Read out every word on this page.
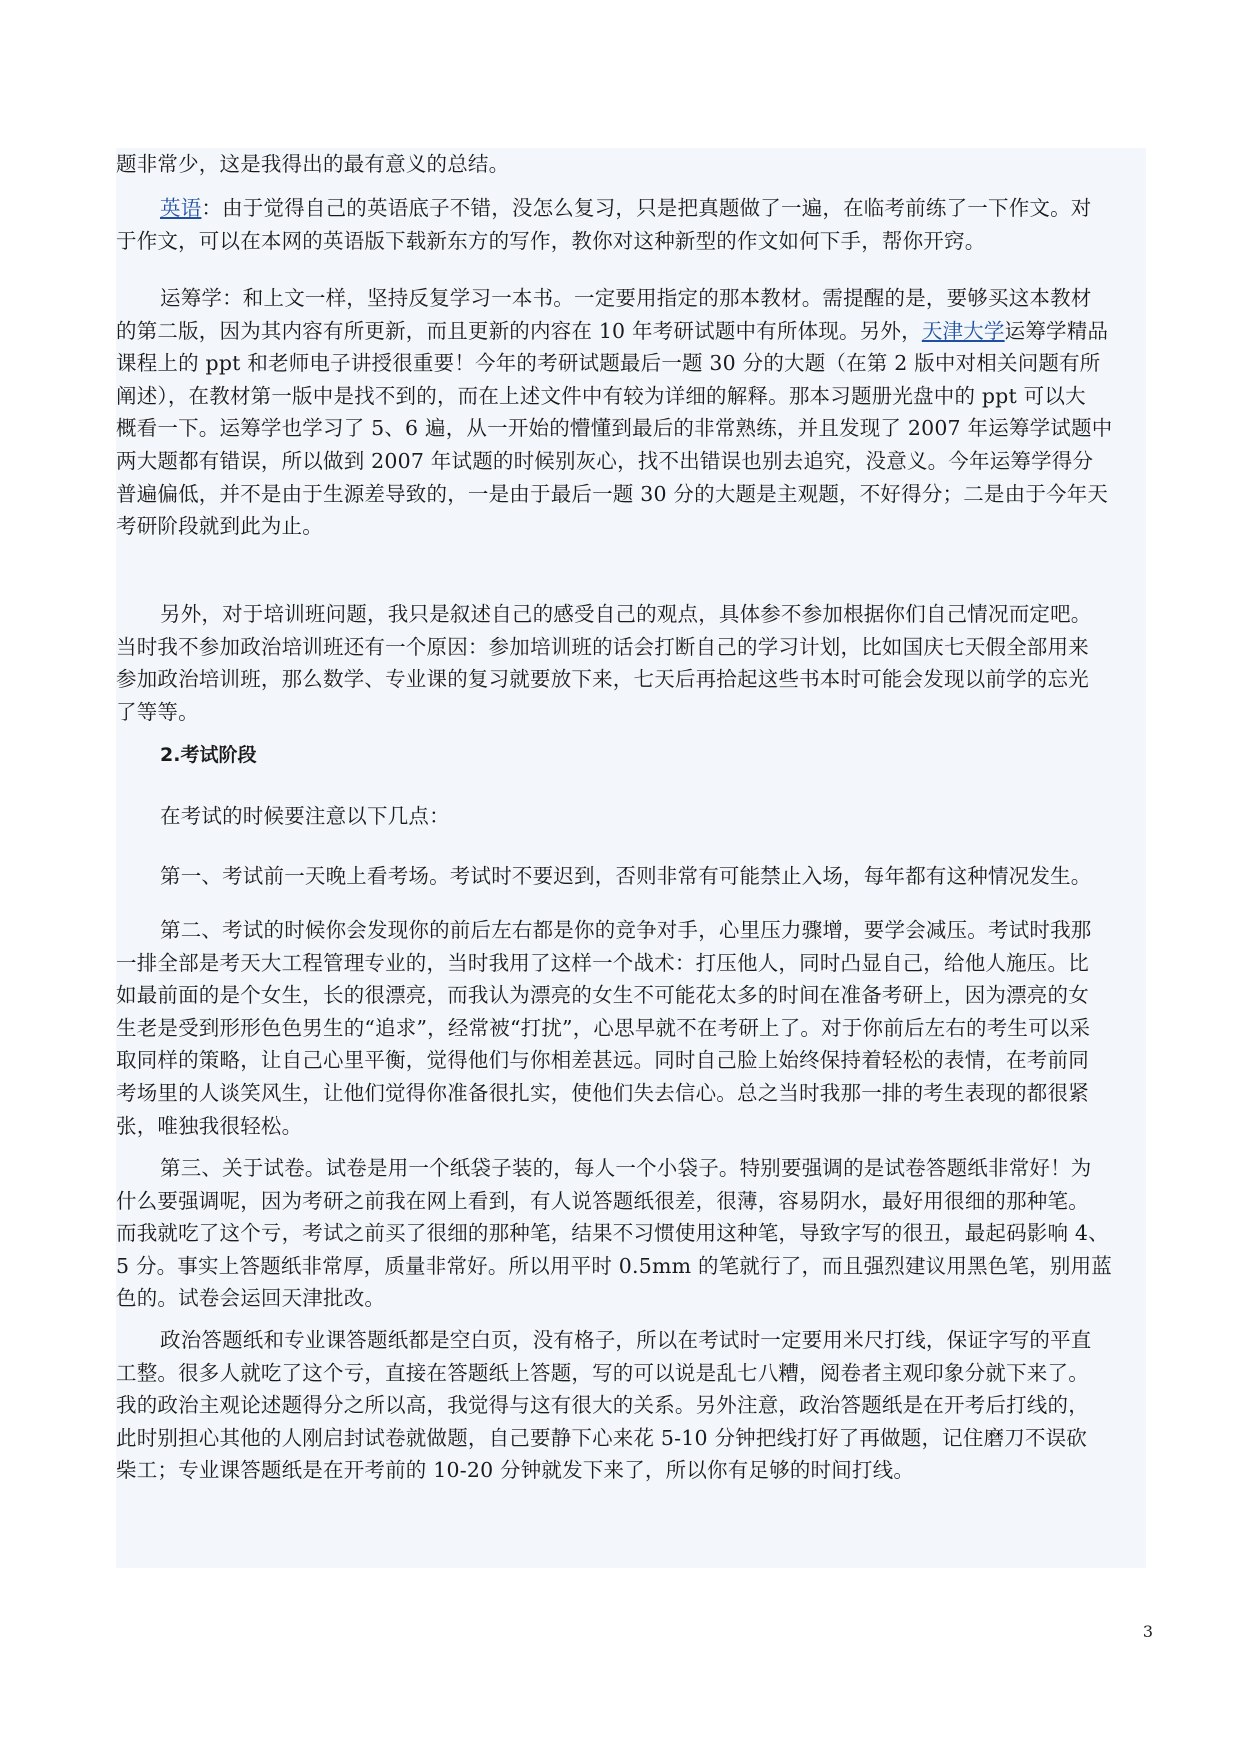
题非常少，这是我得出的最有意义的总结。

英语：由于觉得自己的英语底子不错，没怎么复习，只是把真题做了一遍，在临考前练了一下作文。对
于作文，可以在本网的英语版下载新东方的写作，教你对这种新型的作文如何下手，帮你开窍。

运筹学：和上文一样，坚持反复学习一本书。一定要用指定的那本教材。需提醒的是，要够买这本教材
的第二版，因为其内容有所更新，而且更新的内容在 10 年考研试题中有所体现。另外，天津大学运筹学精品
课程上的 ppt 和老师电子讲授很重要！今年的考研试题最后一题 30 分的大题（在第 2 版中对相关问题有所
阐述），在教材第一版中是找不到的，而在上述文件中有较为详细的解释。那本习题册光盘中的 ppt 可以大
概看一下。运筹学也学习了 5、6 遍，从一开始的懵懂到最后的非常熟练，并且发现了 2007 年运筹学试题中
两大题都有错误，所以做到 2007 年试题的时候别灰心，找不出错误也别去追究，没意义。今年运筹学得分
普遍偏低，并不是由于生源差导致的，一是由于最后一题 30 分的大题是主观题，不好得分；二是由于今年天
考研阶段就到此为止。

另外，对于培训班问题，我只是叙述自己的感受自己的观点，具体参不参加根据你们自己情况而定吧。
当时我不参加政治培训班还有一个原因：参加培训班的话会打断自己的学习计划，比如国庆七天假全部用来
参加政治培训班，那么数学、专业课的复习就要放下来，七天后再拾起这些书本时可能会发现以前学的忘光
了等等。

2.考试阶段

在考试的时候要注意以下几点：

第一、考试前一天晚上看考场。考试时不要迟到，否则非常有可能禁止入场，每年都有这种情况发生。

第二、考试的时候你会发现你的前后左右都是你的竞争对手，心里压力骤增，要学会减压。考试时我那
一排全部是考天大工程管理专业的，当时我用了这样一个战术：打压他人，同时凸显自己，给他人施压。比
如最前面的是个女生，长的很漂亮，而我认为漂亮的女生不可能花太多的时间在准备考研上，因为漂亮的女
生老是受到形形色色男生的“追求”，经常被“打扰”，心思早就不在考研上了。对于你前后左右的考生可以采
取同样的策略，让自己心里平衡，觉得他们与你相差甚远。同时自己脸上始终保持着轻松的表情，在考前同
考场里的人谈笑风生，让他们觉得你准备很扎实，使他们失去信心。总之当时我那一排的考生表现的都很紧
张，唯独我很轻松。

第三、关于试卷。试卷是用一个纸袋子装的，每人一个小袋子。特别要强调的是试卷答题纸非常好！为
什么要强调呢，因为考研之前我在网上看到，有人说答题纸很差，很薄，容易阴水，最好用很细的那种笔。
而我就吃了这个亏，考试之前买了很细的那种笔，结果不习惯使用这种笔，导致字写的很丑，最起码影响 4、
5 分。事实上答题纸非常厚，质量非常好。所以用平时 0.5mm 的笔就行了，而且强烈建议用黑色笔，别用蓝
色的。试卷会运回天津批改。

政治答题纸和专业课答题纸都是空白页，没有格子，所以在考试时一定要用米尺打线，保证字写的平直
工整。很多人就吃了这个亏，直接在答题纸上答题，写的可以说是乱七八糟，阅卷者主观印象分就下来了。
我的政治主观论述题得分之所以高，我觉得与这有很大的关系。另外注意，政治答题纸是在开考后打线的，
此时别担心其他的人刚启封试卷就做题，自己要静下心来花 5-10 分钟把线打好了再做题，记住磨刀不误砍
柴工；专业课答题纸是在开考前的 10-20 分钟就发下来了，所以你有足够的时间打线。

3
